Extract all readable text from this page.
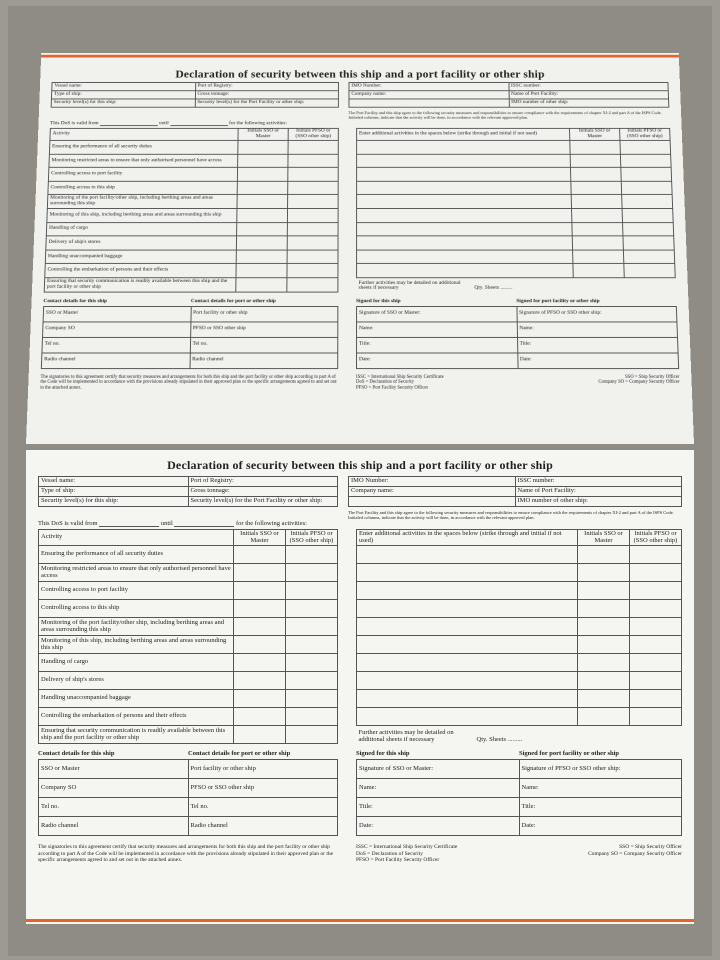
Declaration of security between this ship and a port facility or other ship
Vessel name:	Port of Registry:
Type of ship:	Gross tonnage:
Security level(s) for this ship:	Security level(s) for the Port Facility or other ship:
IMO Number:	ISSC number:
Company name:	Name of Port Facility:
	IMO number of other ship:
This DoS is valid from

	until

	for the following activities:
The Port Facility and this ship agree to the following security measures and responsibilities to ensure compliance with the requirements of chapter XI-2 and part A of the ISPS Code. Initialed columns, indicate that the activity will be done, in accordance with the relevant approved plan.
Activity	Initials SSO or Master	Initials PFSO or (SSO other ship)
Ensuring the performance of all security duties		
Monitoring restricted areas to ensure that only authorised personnel have access		
Controlling access to port facility		
Controlling access to this ship		
Monitoring of the port facility/other ship, including berthing areas and areas surrounding this ship		
Monitoring of this ship, including berthing areas and areas surrounding this ship		
Handling of cargo		
Delivery of ship's stores		
Handling unaccompanied baggage		
Controlling the embarkation of persons and their effects		
Ensuring that security communication is readily available between this ship and the port facility or other ship		
Enter additional activities in the spaces below (strike through and initial if not used)	Initials SSO or Master	Initials PFSO or (SSO other ship)

Further activities may be detailed on additional sheets if necessary Qty. Sheets .........		
Contact details for this ship	Contact details for port or other ship
SSO or Master	Port facility or other ship
Company SO	PFSO or SSO other ship
Tel no.	Tel no.
Radio channel	Radio channel
Signed for this ship	Signed for port facility or other ship
Signature of SSO or Master:	Signature of PFSO or SSO other ship:
Name:	Name:
Title:	Title:
Date:	Date:
The signatories to this agreement certify that security measures and arrangements for both this ship and the port facility or other ship according to part A of the Code will be implemented in accordance with the provisions already stipulated in their approved plan or the specific arrangements agreed to and set out in the attached annex.
ISSC = International Ship Security Certificate
DoS = Declaration of Security
PFSO = Port Facility Security Officer
SSO = Ship Security Officer
Company SO = Company Security Officer
Declaration of security between this ship and a port facility or other ship
Vessel name:	Port of Registry:
Type of ship:	Gross tonnage:
Security level(s) for this ship:	Security level(s) for the Port Facility or other ship:
IMO Number:	ISSC number:
Company name:	Name of Port Facility:
	IMO number of other ship:
This DoS is valid from

	until

	for the following activities:
The Port Facility and this ship agree to the following security measures and responsibilities to ensure compliance with the requirements of chapter XI-2 and part A of the ISPS Code. Initialed columns, indicate that the activity will be done, in accordance with the relevant approved plan.
Activity	Initials SSO or Master	Initials PFSO or (SSO other ship)
Ensuring the performance of all security duties		
Monitoring restricted areas to ensure that only authorised personnel have access		
Controlling access to port facility		
Controlling access to this ship		
Monitoring of the port facility/other ship, including berthing areas and areas surrounding this ship		
Monitoring of this ship, including berthing areas and areas surrounding this ship		
Handling of cargo		
Delivery of ship's stores		
Handling unaccompanied baggage		
Controlling the embarkation of persons and their effects		
Ensuring that security communication is readily available between this ship and the port facility or other ship		
Enter additional activities in the spaces below (strike through and initial if not used)	Initials SSO or Master	Initials PFSO or (SSO other ship)

Further activities may be detailed on additional sheets if necessary Qty. Sheets .........		
Contact details for this ship	Contact details for port or other ship
SSO or Master	Port facility or other ship
Company SO	PFSO or SSO other ship
Tel no.	Tel no.
Radio channel	Radio channel
Signed for this ship	Signed for port facility or other ship
Signature of SSO or Master:	Signature of PFSO or SSO other ship:
Name:	Name:
Title:	Title:
Date:	Date:
The signatories to this agreement certify that security measures and arrangements for both this ship and the port facility or other ship according to part A of the Code will be implemented in accordance with the provisions already stipulated in their approved plan or the specific arrangements agreed to and set out in the attached annex.
ISSC = International Ship Security Certificate
DoS = Declaration of Security
PFSO = Port Facility Security Officer
SSO = Ship Security Officer
Company SO = Company Security Officer
